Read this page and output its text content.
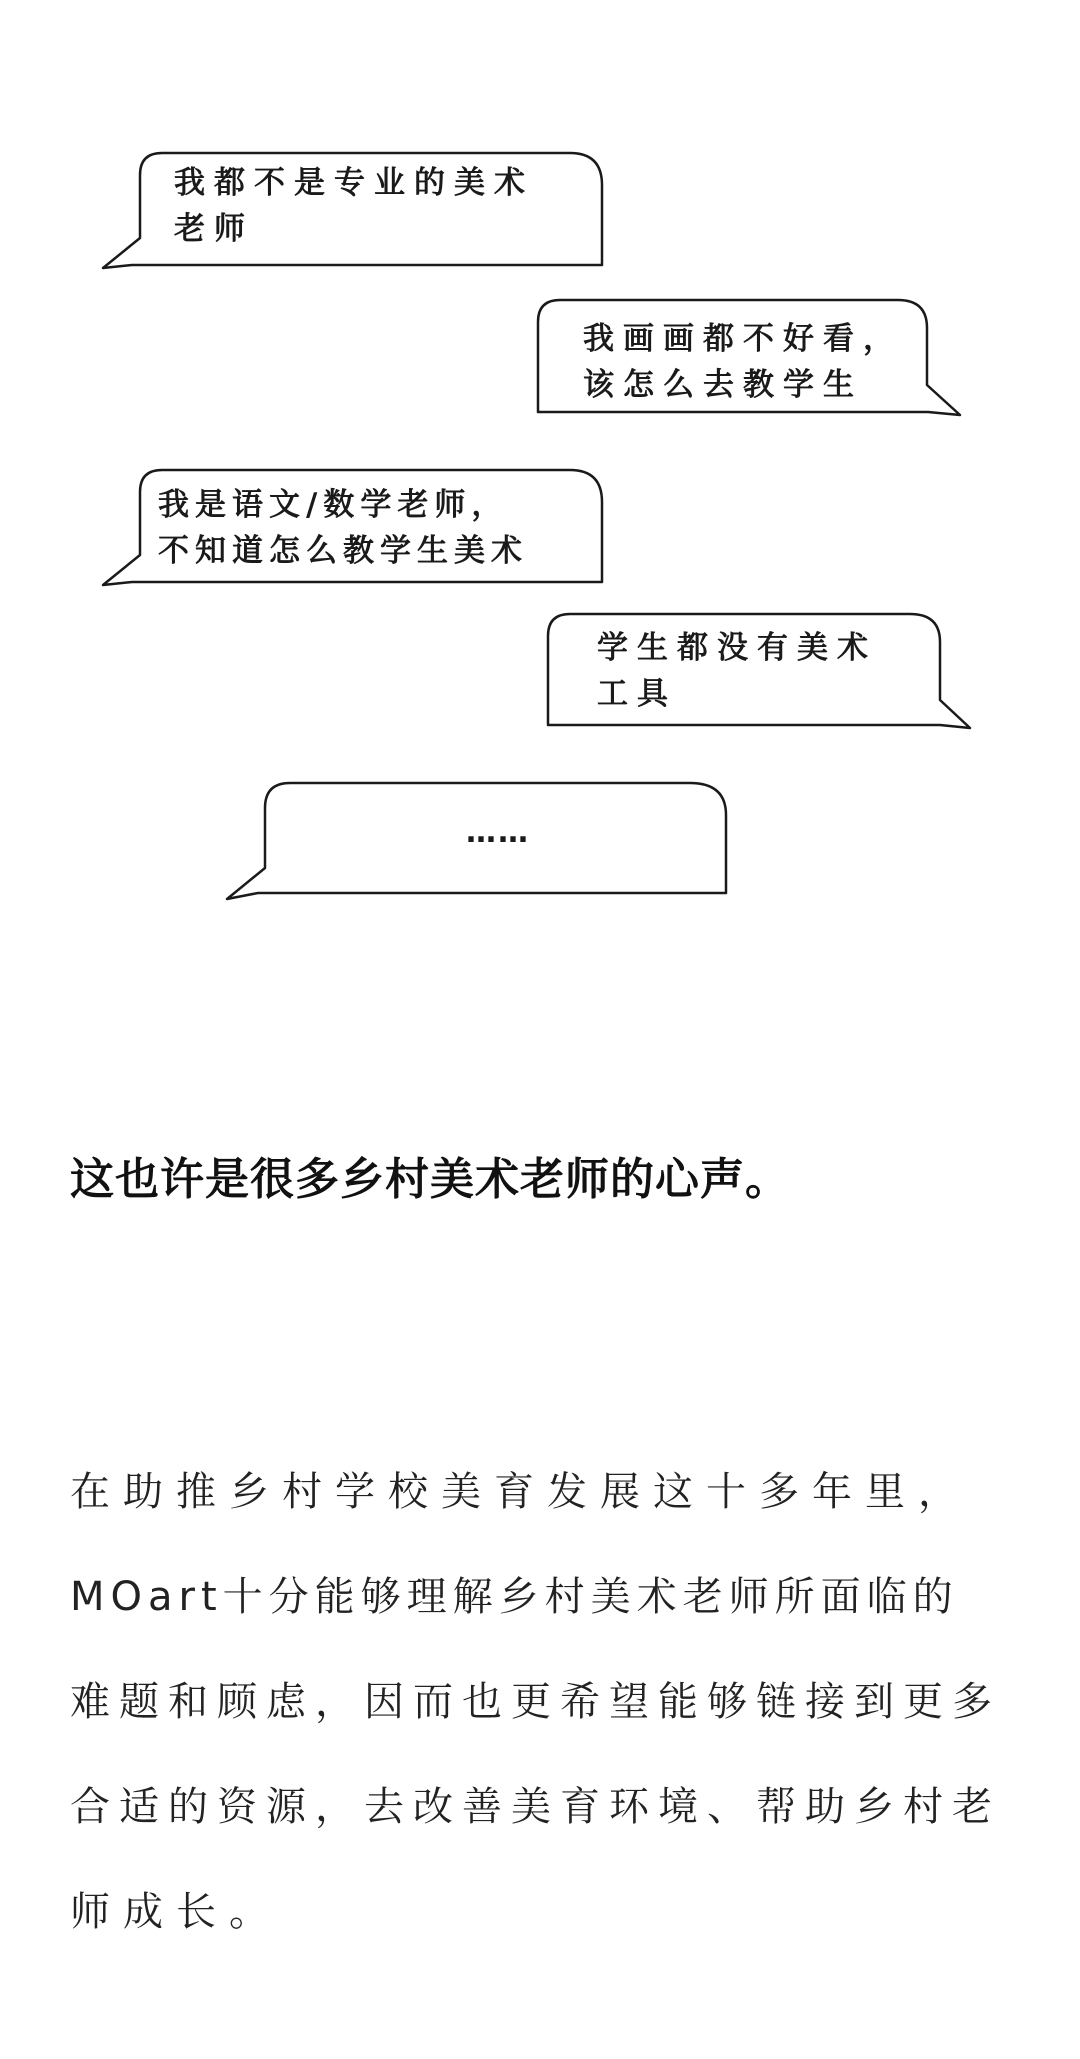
我都不是专业的美术
老师
我画画都不好看，
该怎么去教学生
我是语文/数学老师，
不知道怎么教学生美术
学生都没有美术
工具
……
这也许是很多乡村美术老师的心声。
在助推乡村学校美育发展这十多年里，
MOart十分能够理解乡村美术老师所面临的
难题和顾虑，因而也更希望能够链接到更多
合适的资源，去改善美育环境、帮助乡村老
师成长。
